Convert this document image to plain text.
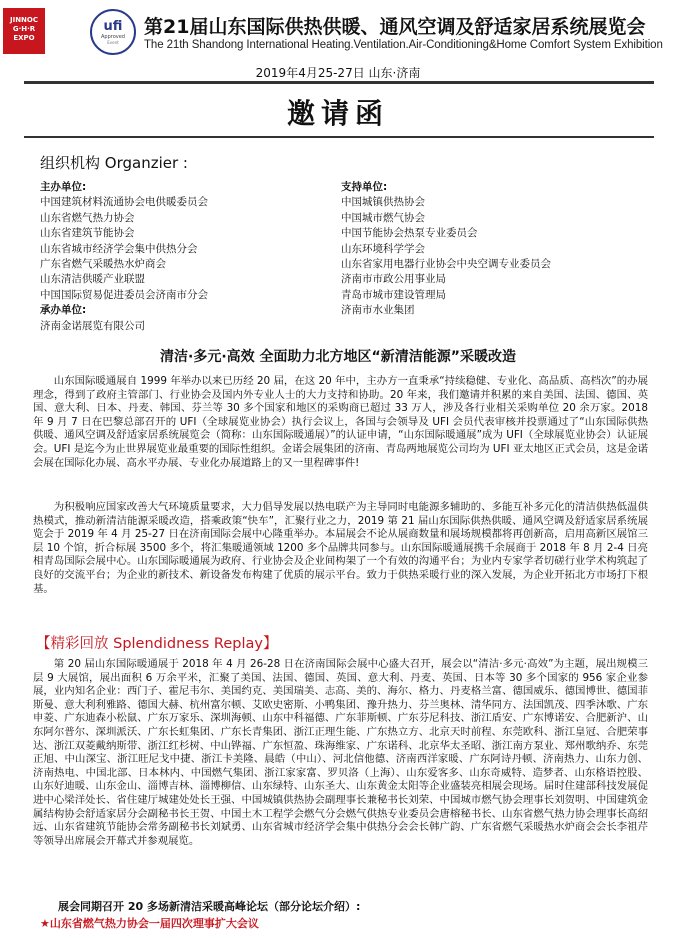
JINNOC
G·H·R
EXPO
ufi
Approved
Event
第21届山东国际供热供暖、通风空调及舒适家居系统展览会
The 21th Shandong International Heating.Ventilation.Air-Conditioning&Home Comfort System Exhibition
2019年4月25-27日 山东·济南
邀请函
组织机构 Organzier :
主办单位:
中国建筑材料流通协会电供暖委员会
山东省燃气热力协会
山东省建筑节能协会
山东省城市经济学会集中供热分会
广东省燃气采暖热水炉商会
山东清洁供暖产业联盟
中国国际贸易促进委员会济南市分会
承办单位:
济南金诺展览有限公司
支持单位:
中国城镇供热协会
中国城市燃气协会
中国节能协会热泵专业委员会
山东环境科学学会
山东省家用电器行业协会中央空调专业委员会
济南市市政公用事业局
青岛市城市建设管理局
济南市水业集团
清洁·多元·高效 全面助力北方地区“新清洁能源”采暖改造

山东国际暖通展自 1999 年举办以来已历经 20 届，在这 20 年中，主办方一直秉承“持续稳健、专业化、高品质、高档次”的办展理念，得到了政府主管部门、行业协会及国内外专业人士的大力支持和协助。20 年来，我们邀请并积累的来自美国、法国、德国、英国、意大利、日本、丹麦、韩国、芬兰等 30 多个国家和地区的采购商已超过 33 万人，涉及各行业相关采购单位 20 余万家。2018 年 9 月 7 日在巴黎总部召开的 UFI（全球展览业协会）执行会议上，各国与会领导及 UFI 会员代表审核并投票通过了“山东国际供热供暖、通风空调及舒适家居系统展览会（简称：山东国际暖通展）”的认证申请，“山东国际暖通展”成为 UFI（全球展览业协会）认证展会。UFI 是迄今为止世界展览业最重要的国际性组织。金诺会展集团的济南、青岛两地展览公司均为 UFI 亚太地区正式会员，这是金诺会展在国际化办展、高水平办展、专业化办展道路上的又一里程碑事件!

为积极响应国家改善大气环境质量要求，大力倡导发展以热电联产为主导同时电能源多辅助的、多能互补多元化的清洁供热低温供热模式，推动新清洁能源采暖改造，搭乘政策“快车”，汇聚行业之力，2019 第 21 届山东国际供热供暖、通风空调及舒适家居系统展览会于 2019 年 4 月 25-27 日在济南国际会展中心隆重举办。本届展会不论从展商数量和展场规模都将再创新高，启用高新区展馆三层 10 个馆，折合标展 3500 多个，将汇集暖通领域 1200 多个品牌共同参与。山东国际暖通展携千余展商于 2018 年 8 月 2-4 日亮相青岛国际会展中心。山东国际暖通展为政府、行业协会及企业间构架了一个有效的沟通平台；为业内专家学者切磋行业学术构筑起了良好的交流平台；为企业的新技术、新设备发布构建了优质的展示平台。致力于供热采暖行业的深入发展，为企业开拓北方市场打下根基。

【精彩回放 Splendidness Replay】

第 20 届山东国际暖通展于 2018 年 4 月 26-28 日在济南国际会展中心盛大召开，展会以“清洁·多元·高效”为主题，展出规模三层 9 大展馆，展出面积 6 万余平米，汇聚了美国、法国、德国、英国、意大利、丹麦、英国、日本等 30 多个国家的 956 家企业参展，业内知名企业：西门子、霍尼韦尔、美国约克、美国瑞美、志高、美的、海尔、格力、丹麦格兰富、德国威乐、德国博世、德国菲斯曼、意大利利雅路、德国大赫、杭州富尔顿、艾欧史密斯、小鸭集团、豫升热力、芬兰奥林、清华同方、法国凯茂、四季沐歌、广东申菱、广东迪森小松鼠、广东万家乐、深圳海顿、山东中科福德、广东菲斯顿、广东芬尼科技、浙江盾安、广东博诺安、合肥新沪、山东阿尔普尔、深圳派沃、广东长虹集团、广东长青集团、浙江正理生能、广东热立方、北京天时前程、东莞欧科、浙江皇冠、合肥荣事达、浙江双菱戴纳斯带、浙江红杉树、中山铧福、广东恒盈、珠海维家、广东诺科、北京华太圣昭、浙江南方泵业、郑州歌纳乔、东莞正旭、中山深宝、浙江旺尼戈中捷、浙江卡美隆、晨皓（中山）、河北信他德、济南西洋家暖、广东阿诗丹顿、济南热力、山东力创、济南热电、中国北部、日本林内、中国燃气集团、浙江家家富、罗贝洛（上海）、山东爱客多、山东奇威特、造梦者、山东格语控股、山东好迪暖、山东金山、淄博吉林、淄博柳信、山东绿特、山东圣大、山东黄金太阳等企业盛装亮相展会现场。届时住建部科技发展促进中心梁洋处长、省住建厅城建处处长王强、中国城镇供热协会副理事长兼秘书长刘荣、中国城市燃气协会理事长刘贺明、中国建筑金属结构协会舒适家居分会副秘书长王贺、中国土木工程学会燃气分会燃气供热专业委员会唐榕秘书长、山东省燃气热力协会理事长高绍远、山东省建筑节能协会常务副秘书长刘斌勇、山东省城市经济学会集中供热分会会长韩广韵、广东省燃气采暖热水炉商会会长李祖芹等领导出席展会开幕式并参观展览。

展会同期召开 20 多场新清洁采暖高峰论坛（部分论坛介绍）:
★山东省燃气热力协会一届四次理事扩大会议
